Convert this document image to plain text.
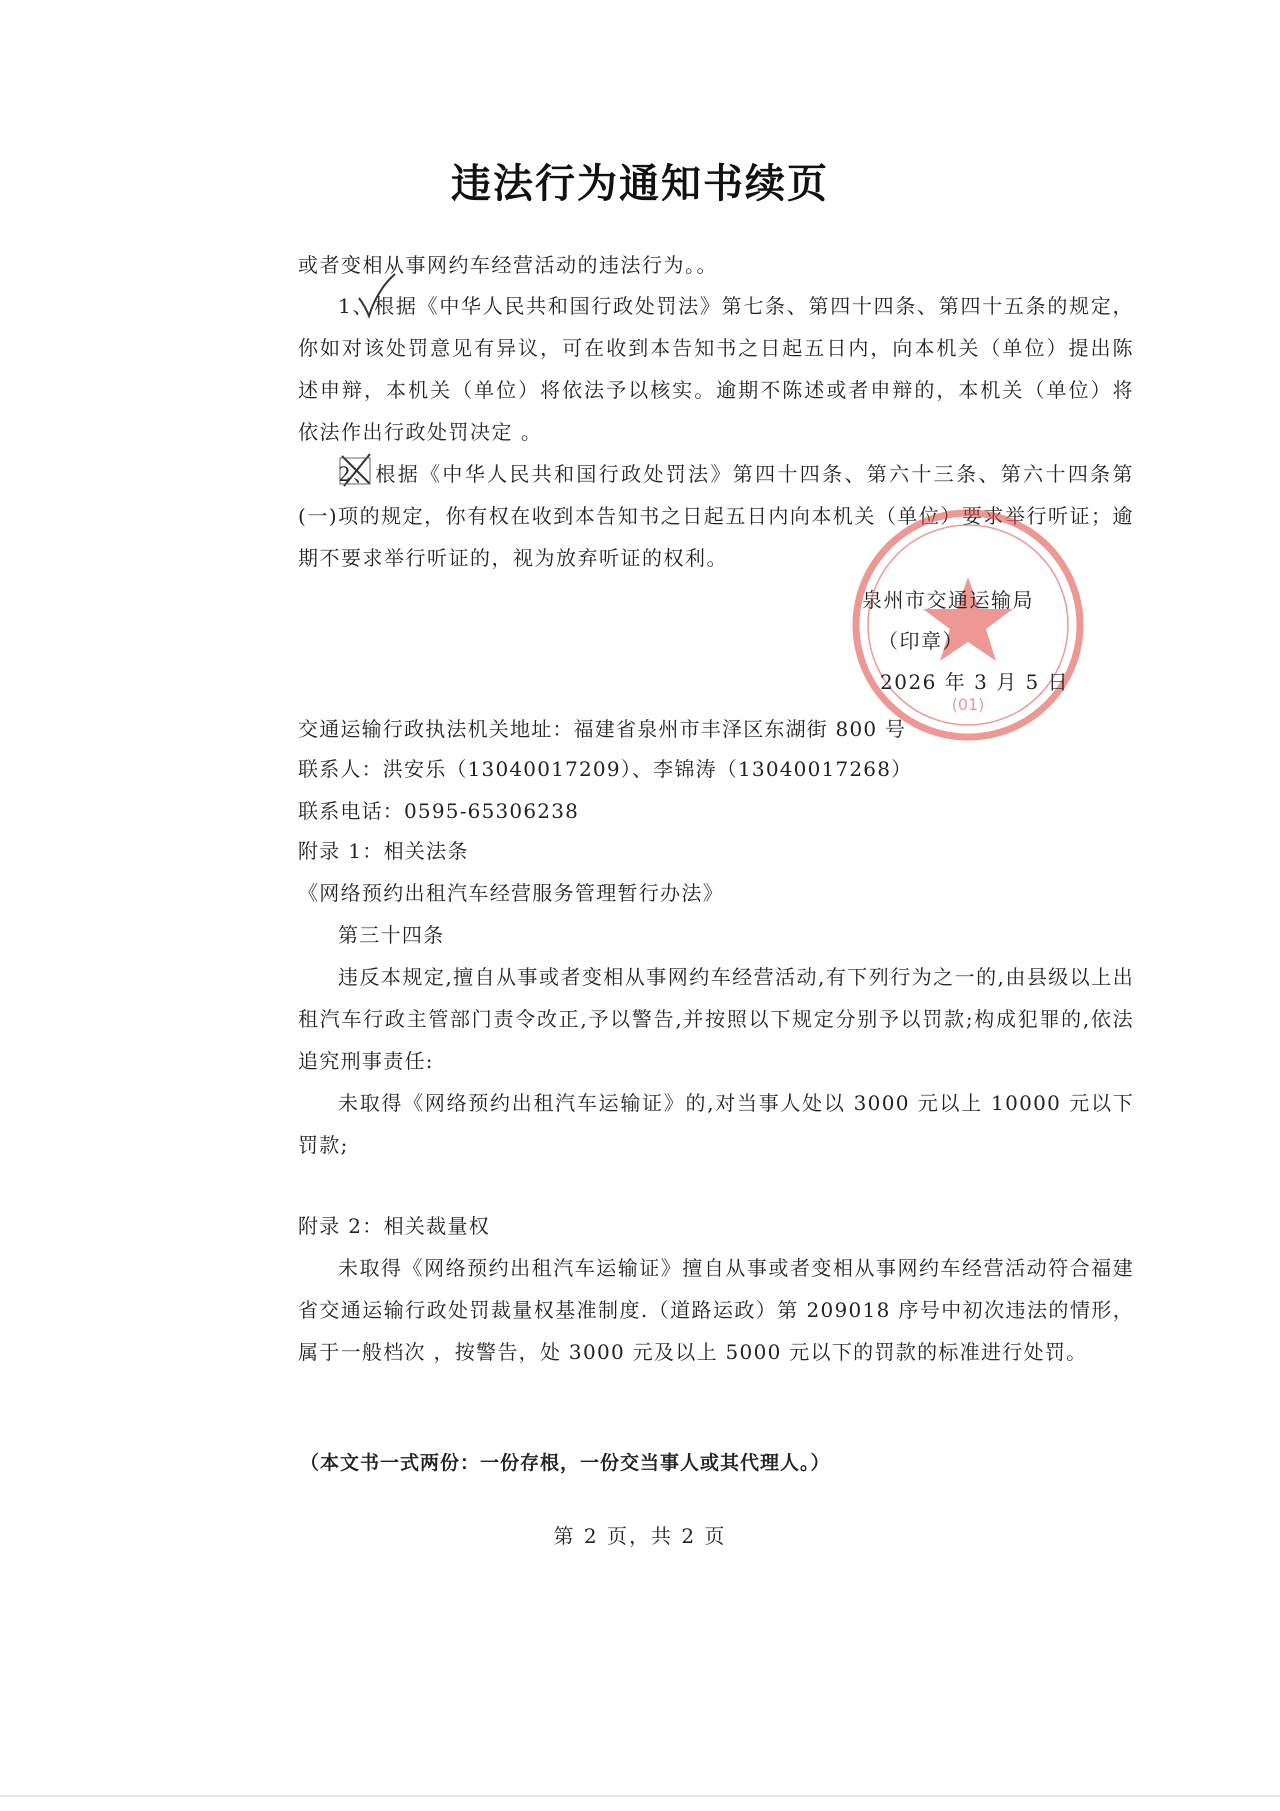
违法行为通知书续页
或者变相从事网约车经营活动的违法行为。。

1、根据《中华人民共和国行政处罚法》第七条、第四十四条、第四十五条的规定，你如对该处罚意见有异议，可在收到本告知书之日起五日内，向本机关（单位）提出陈述申辩，本机关（单位）将依法予以核实。逾期不陈述或者申辩的，本机关（单位）将依法作出行政处罚决定 。

2、根据《中华人民共和国行政处罚法》第四十四条、第六十三条、第六十四条第(一)项的规定，你有权在收到本告知书之日起五日内向本机关（单位）要求举行听证；逾期不要求举行听证的，视为放弃听证的权利。

(01)
泉州市交通运输局
（印章）
2026 年 3 月 5 日
交通运输行政执法机关地址：福建省泉州市丰泽区东湖街 800 号
联系人：洪安乐（13040017209）、李锦涛（13040017268）
联系电话：0595-65306238

附录 1：相关法条

《网络预约出租汽车经营服务管理暂行办法》

第三十四条

违反本规定,擅自从事或者变相从事网约车经营活动,有下列行为之一的,由县级以上出租汽车行政主管部门责令改正,予以警告,并按照以下规定分别予以罚款;构成犯罪的,依法追究刑事责任:

未取得《网络预约出租汽车运输证》的,对当事人处以 3000 元以上 10000 元以下罚款;

附录 2：相关裁量权

未取得《网络预约出租汽车运输证》擅自从事或者变相从事网约车经营活动符合福建省交通运输行政处罚裁量权基准制度.（道路运政）第 209018 序号中初次违法的情形，属于一般档次 ，按警告，处 3000 元及以上 5000 元以下的罚款的标准进行处罚。

（本文书一式两份：一份存根，一份交当事人或其代理人。）
第 2 页，共 2 页
